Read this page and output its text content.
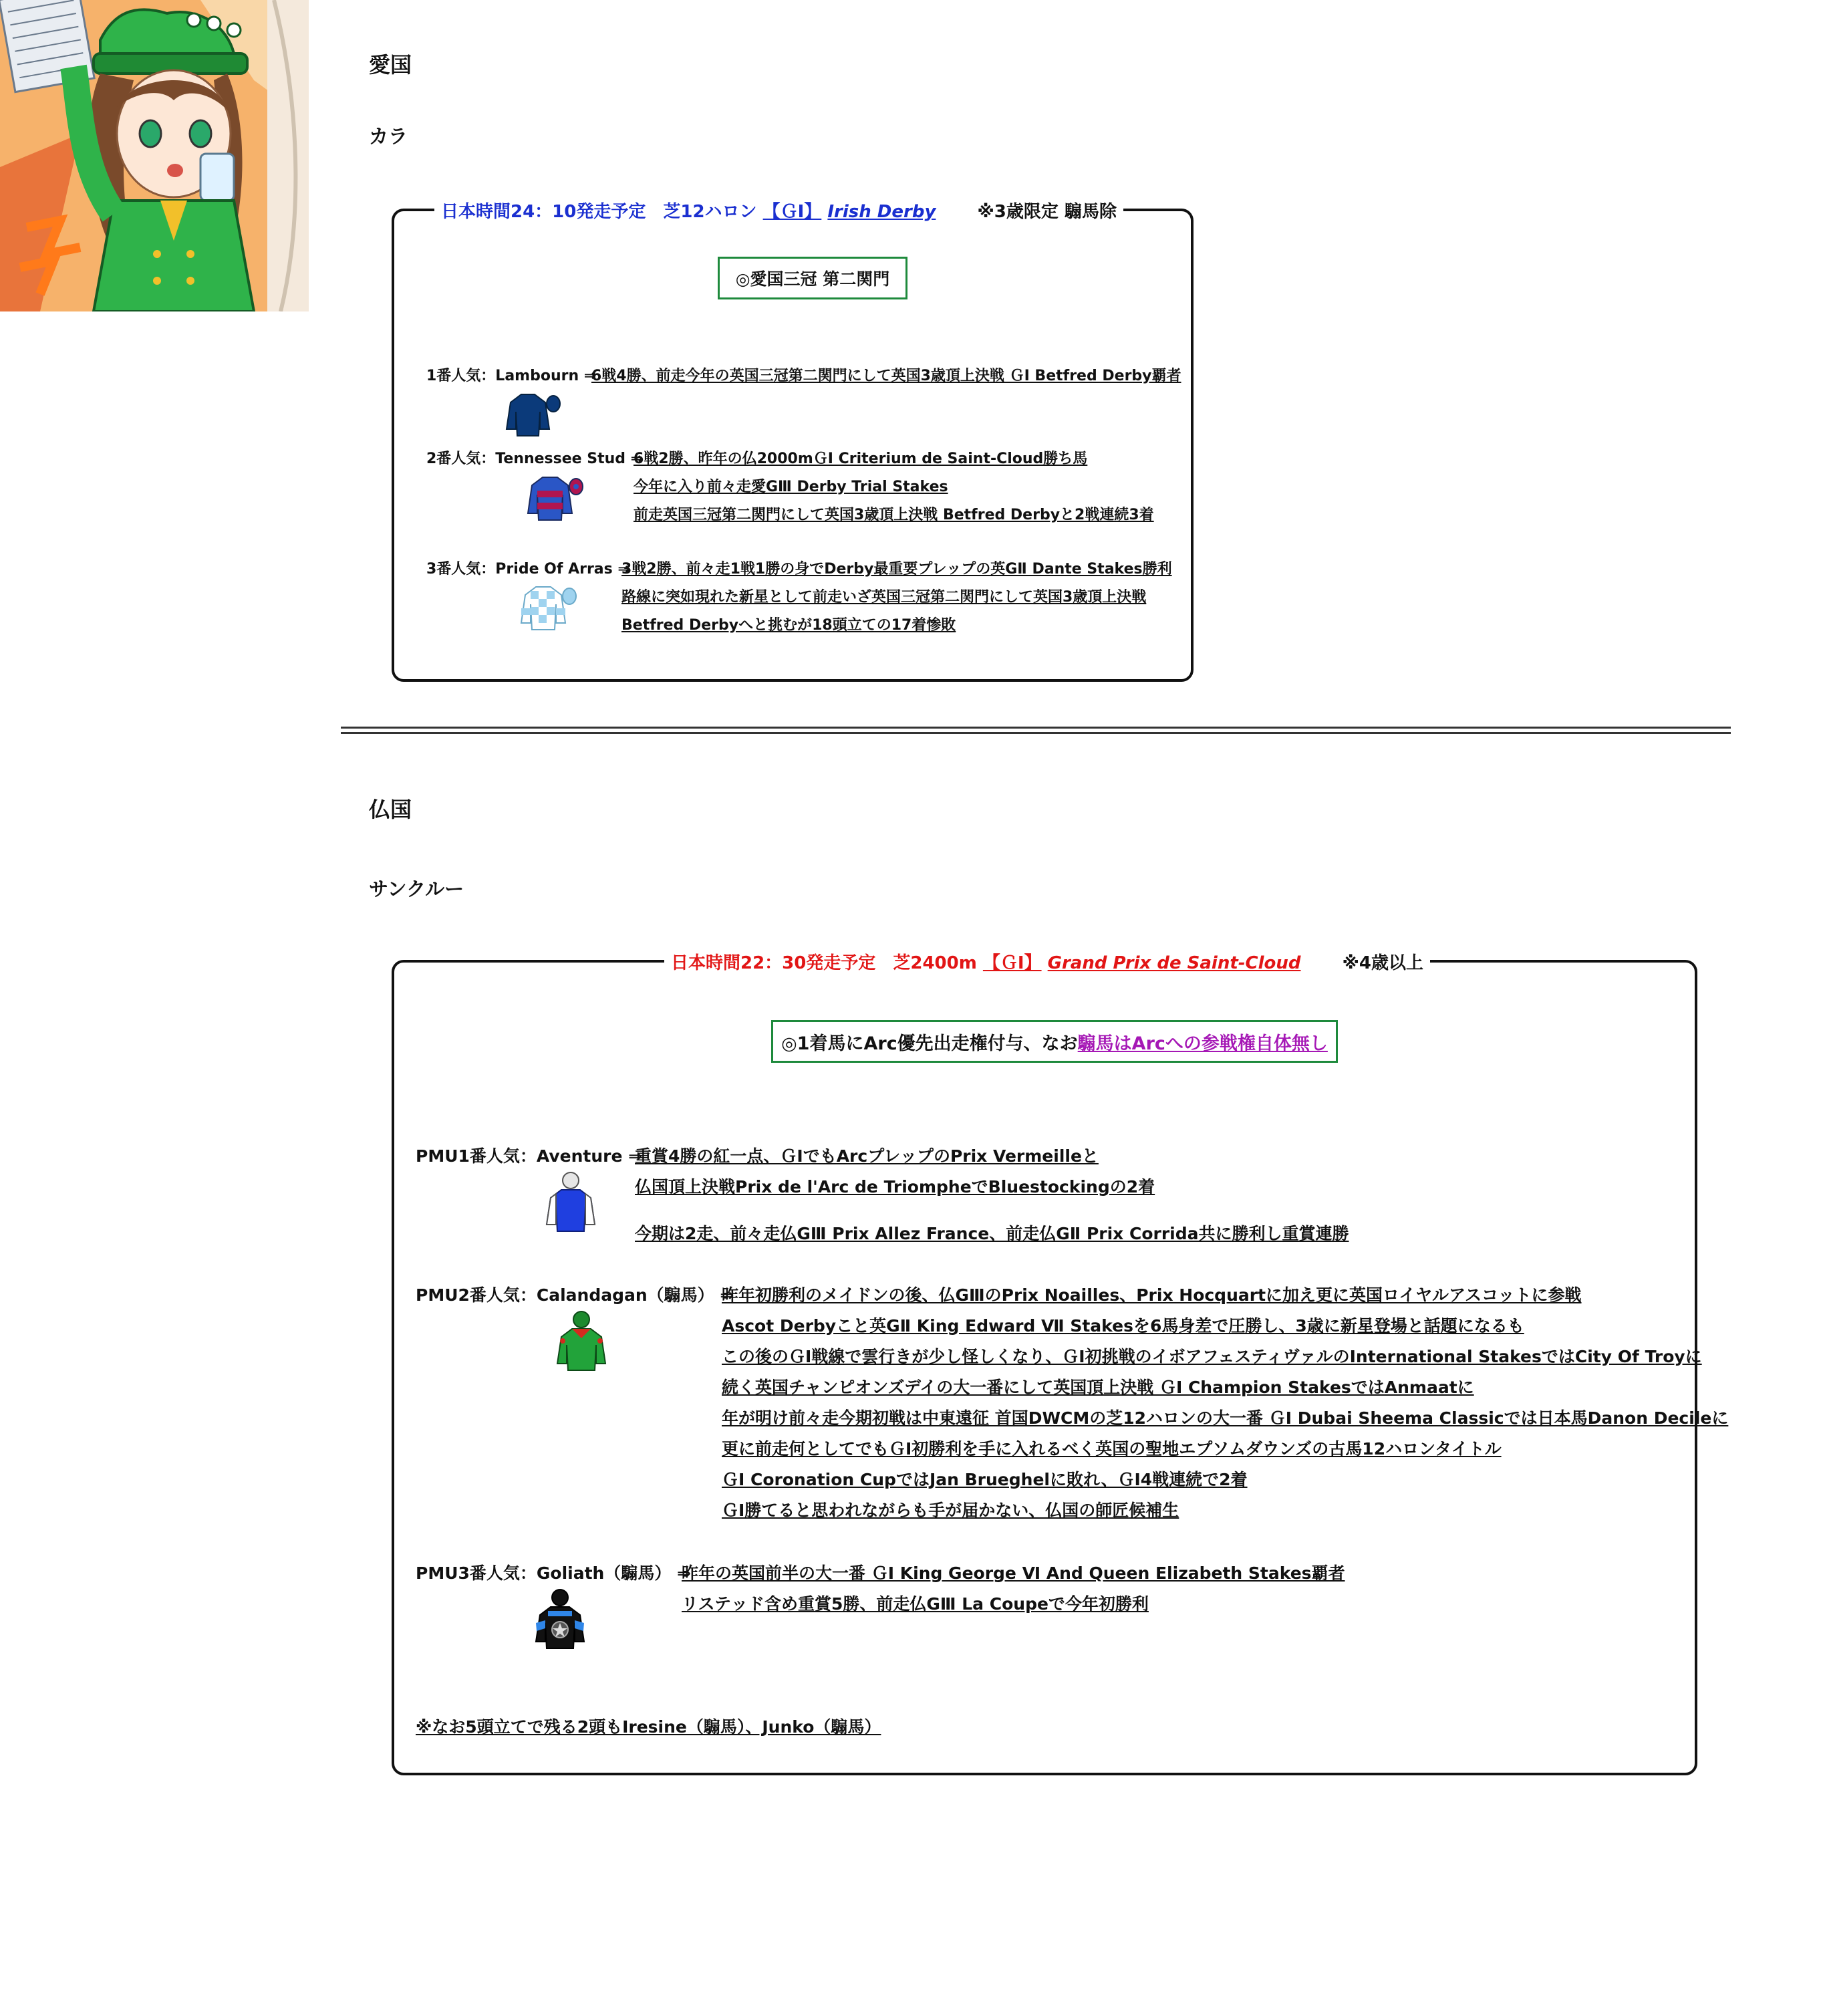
愛国
カラ
日本時間24：10発走予定　芝12ハロン 【ＧⅠ】 Irish Derby ※3歳限定 騸馬除
◎愛国三冠 第二関門
1番人気：Lambourn ⇒
6戦4勝、前走今年の英国三冠第二関門にして英国3歳頂上決戦 ＧⅠ Betfred Derby覇者
2番人気：Tennessee Stud ⇒
6戦2勝、昨年の仏2000mＧⅠ Criterium de Saint-Cloud勝ち馬
今年に入り前々走愛GⅢ Derby Trial Stakes
前走英国三冠第二関門にして英国3歳頂上決戦 Betfred Derbyと2戦連続3着
3番人気：Pride Of Arras ⇒
3戦2勝、前々走1戦1勝の身でDerby最重要プレップの英GⅡ Dante Stakes勝利
路線に突如現れた新星として前走いざ英国三冠第二関門にして英国3歳頂上決戦
Betfred Derbyへと挑むが18頭立ての17着惨敗
仏国
サンクルー
日本時間22：30発走予定　芝2400m 【ＧⅠ】 Grand Prix de Saint-Cloud ※4歳以上
◎1着馬にArc優先出走権付与、なお 騸馬はArcへの参戦権自体無し
PMU1番人気：Aventure ⇒
重賞4勝の紅一点、ＧⅠでもArcプレップのPrix Vermeilleと
仏国頂上決戦Prix de l'Arc de TriompheでBluestockingの2着
今期は2走、前々走仏GⅢ Prix Allez France、前走仏GⅡ Prix Corrida共に勝利し重賞連勝
PMU2番人気：Calandagan（騸馬） ⇒
昨年初勝利のメイドンの後、仏GⅢのPrix Noailles、Prix Hocquartに加え更に英国ロイヤルアスコットに参戦
Ascot Derbyこと英GⅡ King Edward Ⅶ Stakesを6馬身差で圧勝し、3歳に新星登場と話題になるも
この後のＧⅠ戦線で雲行きが少し怪しくなり、ＧⅠ初挑戦のイボアフェスティヴァルのInternational StakesではCity Of Troyに
続く英国チャンピオンズデイの大一番にして英国頂上決戦 ＧⅠ Champion StakesではAnmaatに
年が明け前々走今期初戦は中東遠征 首国DWCMの芝12ハロンの大一番 ＧⅠ Dubai Sheema Classicでは日本馬Danon Decileに
更に前走何としてでもＧⅠ初勝利を手に入れるべく英国の聖地エプソムダウンズの古馬12ハロンタイトル
ＧⅠ Coronation CupではJan Brueghelに敗れ、ＧⅠ4戦連続で2着
ＧⅠ勝てると思われながらも手が届かない、仏国の師匠候補生
PMU3番人気：Goliath（騸馬） ⇒
昨年の英国前半の大一番 ＧⅠ King George Ⅵ And Queen Elizabeth Stakes覇者
リステッド含め重賞5勝、前走仏GⅢ La Coupeで今年初勝利
※なお5頭立てで残る2頭もIresine（騸馬）、Junko（騸馬）
